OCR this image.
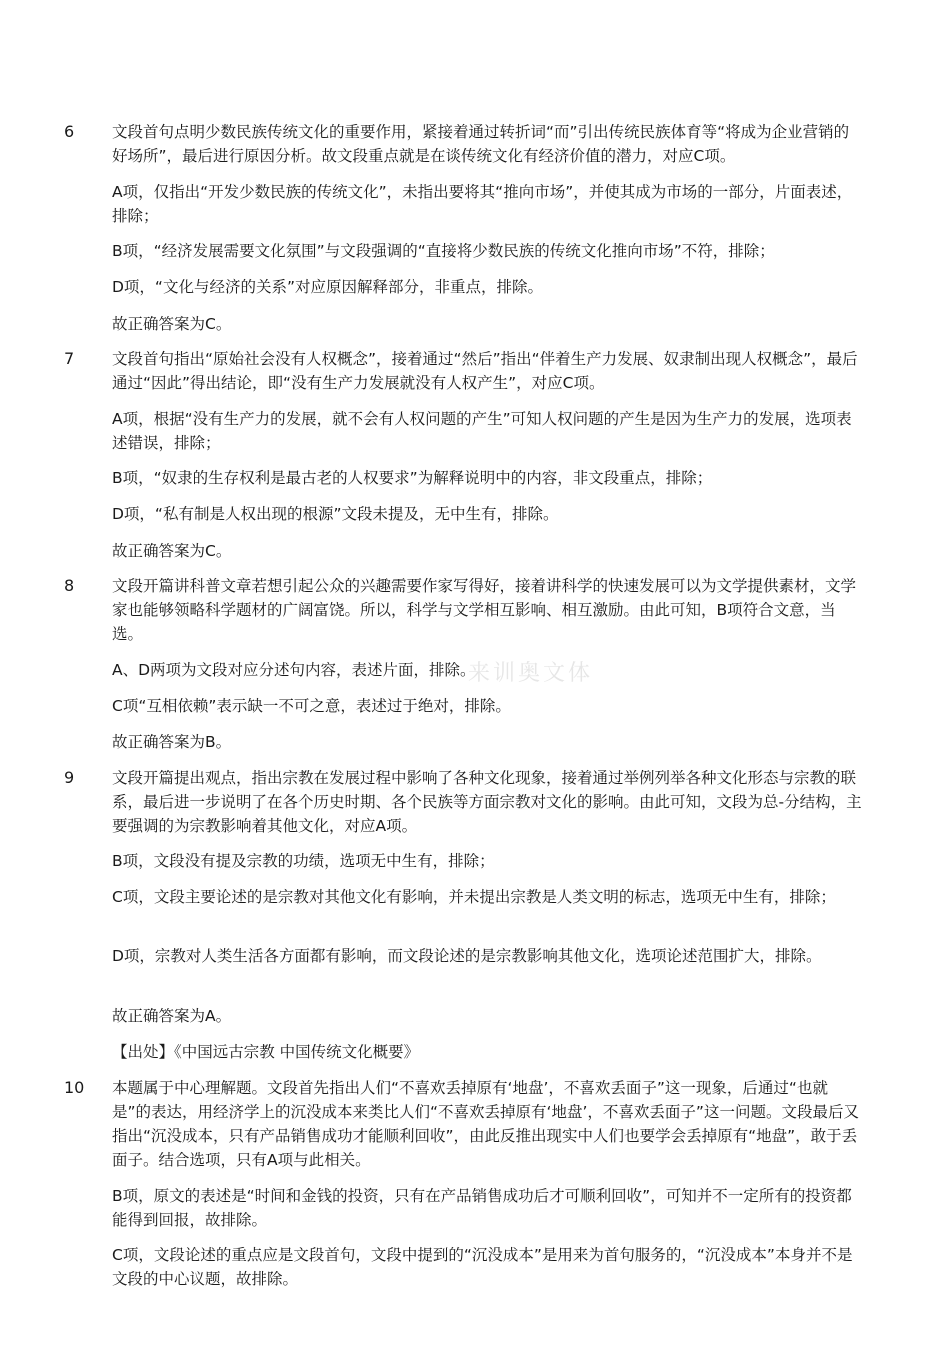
来训奥文体
6 文段首句点明少数民族传统文化的重要作用，紧接着通过转折词“而”引出传统民族体育等“将成为企业营销的好场所”，最后进行原因分析。故文段重点就是在谈传统文化有经济价值的潜力，对应C项。

A项，仅指出“开发少数民族的传统文化”，未指出要将其“推向市场”，并使其成为市场的一部分，片面表述，排除；

B项，“经济发展需要文化氛围”与文段强调的“直接将少数民族的传统文化推向市场”不符，排除；

D项，“文化与经济的关系”对应原因解释部分，非重点，排除。

故正确答案为C。

7 文段首句指出“原始社会没有人权概念”，接着通过“然后”指出“伴着生产力发展、奴隶制出现人权概念”，最后通过“因此”得出结论，即“没有生产力发展就没有人权产生”，对应C项。

A项，根据“没有生产力的发展，就不会有人权问题的产生”可知人权问题的产生是因为生产力的发展，选项表述错误，排除；

B项，“奴隶的生存权利是最古老的人权要求”为解释说明中的内容，非文段重点，排除；

D项，“私有制是人权出现的根源”文段未提及，无中生有，排除。

故正确答案为C。

8 文段开篇讲科普文章若想引起公众的兴趣需要作家写得好，接着讲科学的快速发展可以为文学提供素材，文学家也能够领略科学题材的广阔富饶。所以，科学与文学相互影响、相互激励。由此可知，B项符合文意，当选。

A、D两项为文段对应分述句内容，表述片面，排除。

C项“互相依赖”表示缺一不可之意，表述过于绝对，排除。

故正确答案为B。

9 文段开篇提出观点，指出宗教在发展过程中影响了各种文化现象，接着通过举例列举各种文化形态与宗教的联系，最后进一步说明了在各个历史时期、各个民族等方面宗教对文化的影响。由此可知，文段为总-分结构，主要强调的为宗教影响着其他文化，对应A项。

B项，文段没有提及宗教的功绩，选项无中生有，排除；

C项，文段主要论述的是宗教对其他文化有影响，并未提出宗教是人类文明的标志，选项无中生有，排除；

D项，宗教对人类生活各方面都有影响，而文段论述的是宗教影响其他文化，选项论述范围扩大，排除。

故正确答案为A。

【出处】《中国远古宗教 中国传统文化概要》

10 本题属于中心理解题。文段首先指出人们“不喜欢丢掉原有‘地盘’，不喜欢丢面子”这一现象，后通过“也就是”的表达，用经济学上的沉没成本来类比人们“不喜欢丢掉原有‘地盘’，不喜欢丢面子”这一问题。文段最后又指出“沉没成本，只有产品销售成功才能顺利回收”，由此反推出现实中人们也要学会丢掉原有“地盘”，敢于丢面子。结合选项，只有A项与此相关。

B项，原文的表述是“时间和金钱的投资，只有在产品销售成功后才可顺利回收”，可知并不一定所有的投资都能得到回报，故排除。

C项，文段论述的重点应是文段首句，文段中提到的“沉没成本”是用来为首句服务的，“沉没成本”本身并不是文段的中心议题，故排除。
